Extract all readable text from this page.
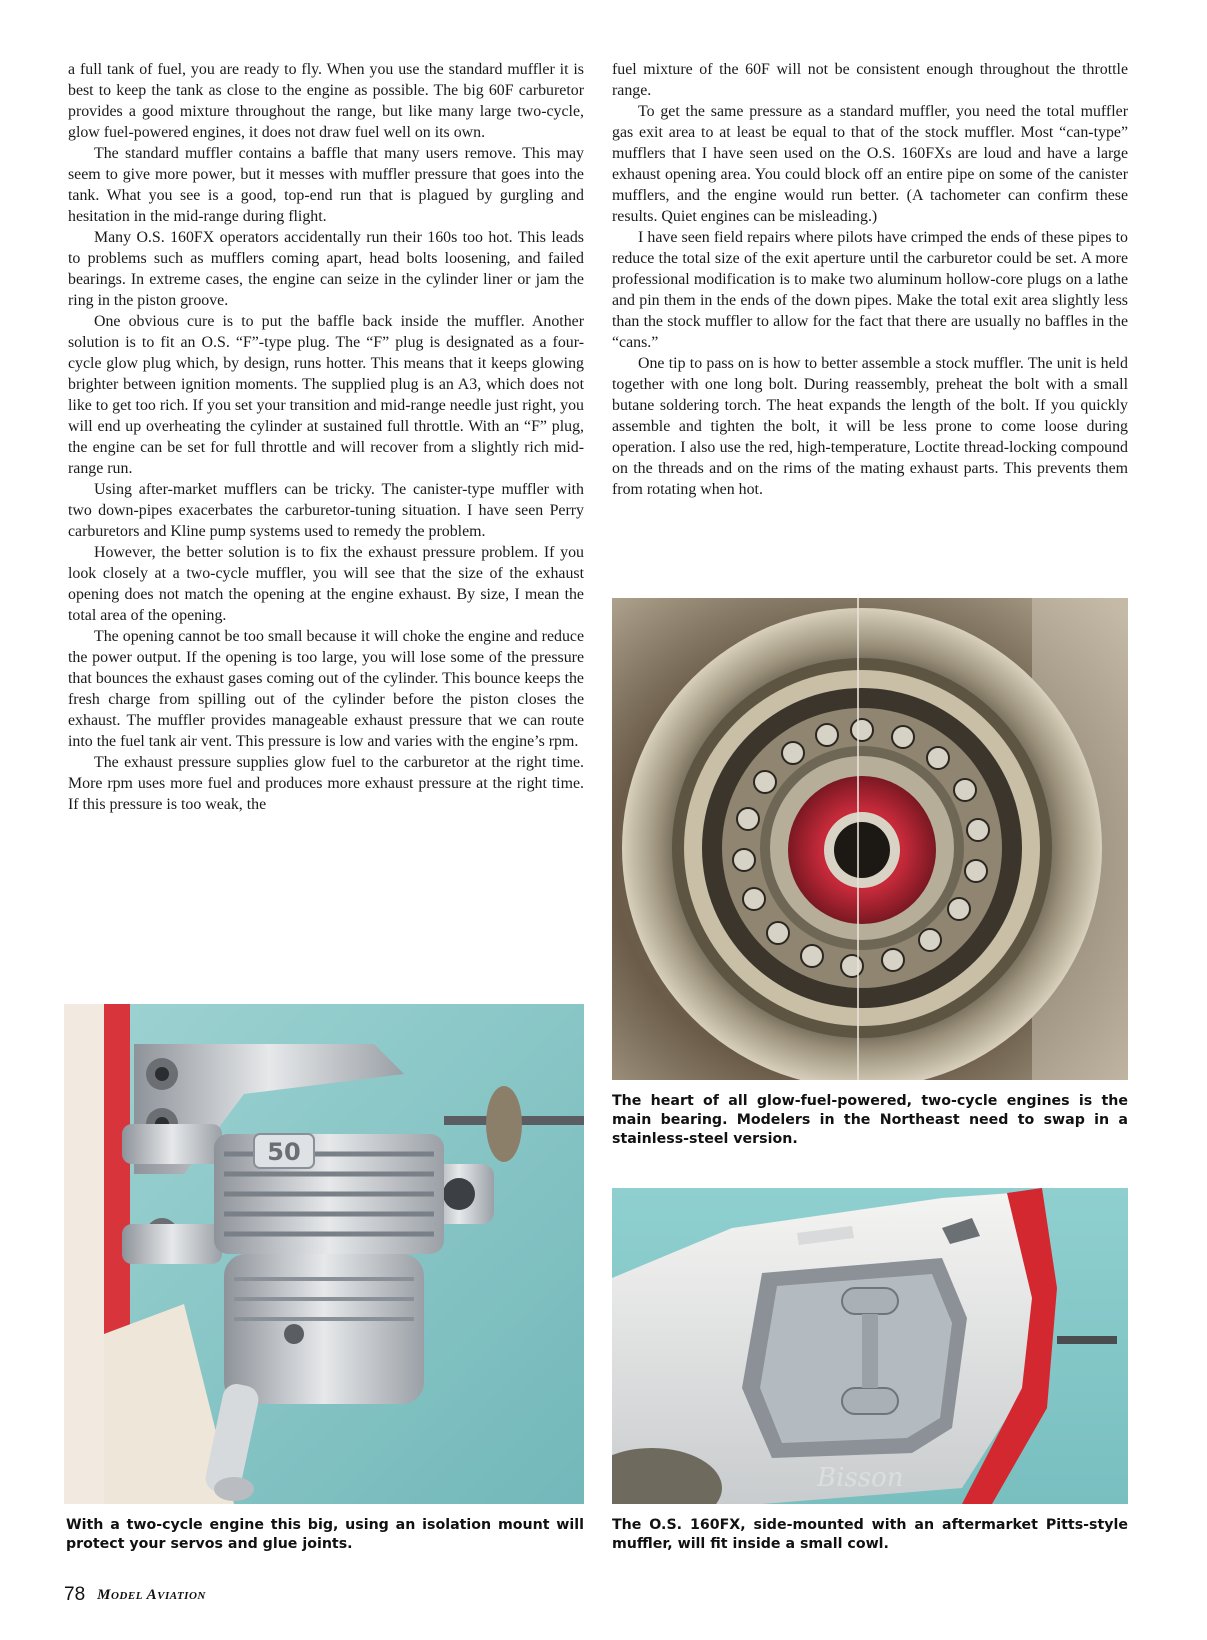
a full tank of fuel, you are ready to fly. When you use the standard muffler it is best to keep the tank as close to the engine as possible. The big 60F carburetor provides a good mixture throughout the range, but like many large two-cycle, glow fuel-powered engines, it does not draw fuel well on its own.

The standard muffler contains a baffle that many users remove. This may seem to give more power, but it messes with muffler pressure that goes into the tank. What you see is a good, top-end run that is plagued by gurgling and hesitation in the mid-range during flight.

Many O.S. 160FX operators accidentally run their 160s too hot. This leads to problems such as mufflers coming apart, head bolts loosening, and failed bearings. In extreme cases, the engine can seize in the cylinder liner or jam the ring in the piston groove.

One obvious cure is to put the baffle back inside the muffler. Another solution is to fit an O.S. “F”-type plug. The “F” plug is designated as a four-cycle glow plug which, by design, runs hotter. This means that it keeps glowing brighter between ignition moments. The supplied plug is an A3, which does not like to get too rich. If you set your transition and mid-range needle just right, you will end up overheating the cylinder at sustained full throttle. With an “F” plug, the engine can be set for full throttle and will recover from a slightly rich mid-range run.

Using after-market mufflers can be tricky. The canister-type muffler with two down-pipes exacerbates the carburetor-tuning situation. I have seen Perry carburetors and Kline pump systems used to remedy the problem.

However, the better solution is to fix the exhaust pressure problem. If you look closely at a two-cycle muffler, you will see that the size of the exhaust opening does not match the opening at the engine exhaust. By size, I mean the total area of the opening.

The opening cannot be too small because it will choke the engine and reduce the power output. If the opening is too large, you will lose some of the pressure that bounces the exhaust gases coming out of the cylinder. This bounce keeps the fresh charge from spilling out of the cylinder before the piston closes the exhaust. The muffler provides manageable exhaust pressure that we can route into the fuel tank air vent. This pressure is low and varies with the engine’s rpm.

The exhaust pressure supplies glow fuel to the carburetor at the right time. More rpm uses more fuel and produces more exhaust pressure at the right time. If this pressure is too weak, the

fuel mixture of the 60F will not be consistent enough throughout the throttle range.

To get the same pressure as a standard muffler, you need the total muffler gas exit area to at least be equal to that of the stock muffler. Most “can-type” mufflers that I have seen used on the O.S. 160FXs are loud and have a large exhaust opening area. You could block off an entire pipe on some of the canister mufflers, and the engine would run better. (A tachometer can confirm these results. Quiet engines can be misleading.)

I have seen field repairs where pilots have crimped the ends of these pipes to reduce the total size of the exit aperture until the carburetor could be set. A more professional modification is to make two aluminum hollow-core plugs on a lathe and pin them in the ends of the down pipes. Make the total exit area slightly less than the stock muffler to allow for the fact that there are usually no baffles in the “cans.”

One tip to pass on is how to better assemble a stock muffler. The unit is held together with one long bolt. During reassembly, preheat the bolt with a small butane soldering torch. The heat expands the length of the bolt. If you quickly assemble and tighten the bolt, it will be less prone to come loose during operation. I also use the red, high-temperature, Loctite thread-locking compound on the threads and on the rims of the mating exhaust parts. This prevents them from rotating when hot.

The heart of all glow-fuel-powered, two-cycle engines is the main bearing. Modelers in the Northeast need to swap in a stainless-steel version.
50
With a two-cycle engine this big, using an isolation mount will protect your servos and glue joints.
Bisson
The O.S. 160FX, side-mounted with an aftermarket Pitts-style muffler, will fit inside a small cowl.
78 Model Aviation
